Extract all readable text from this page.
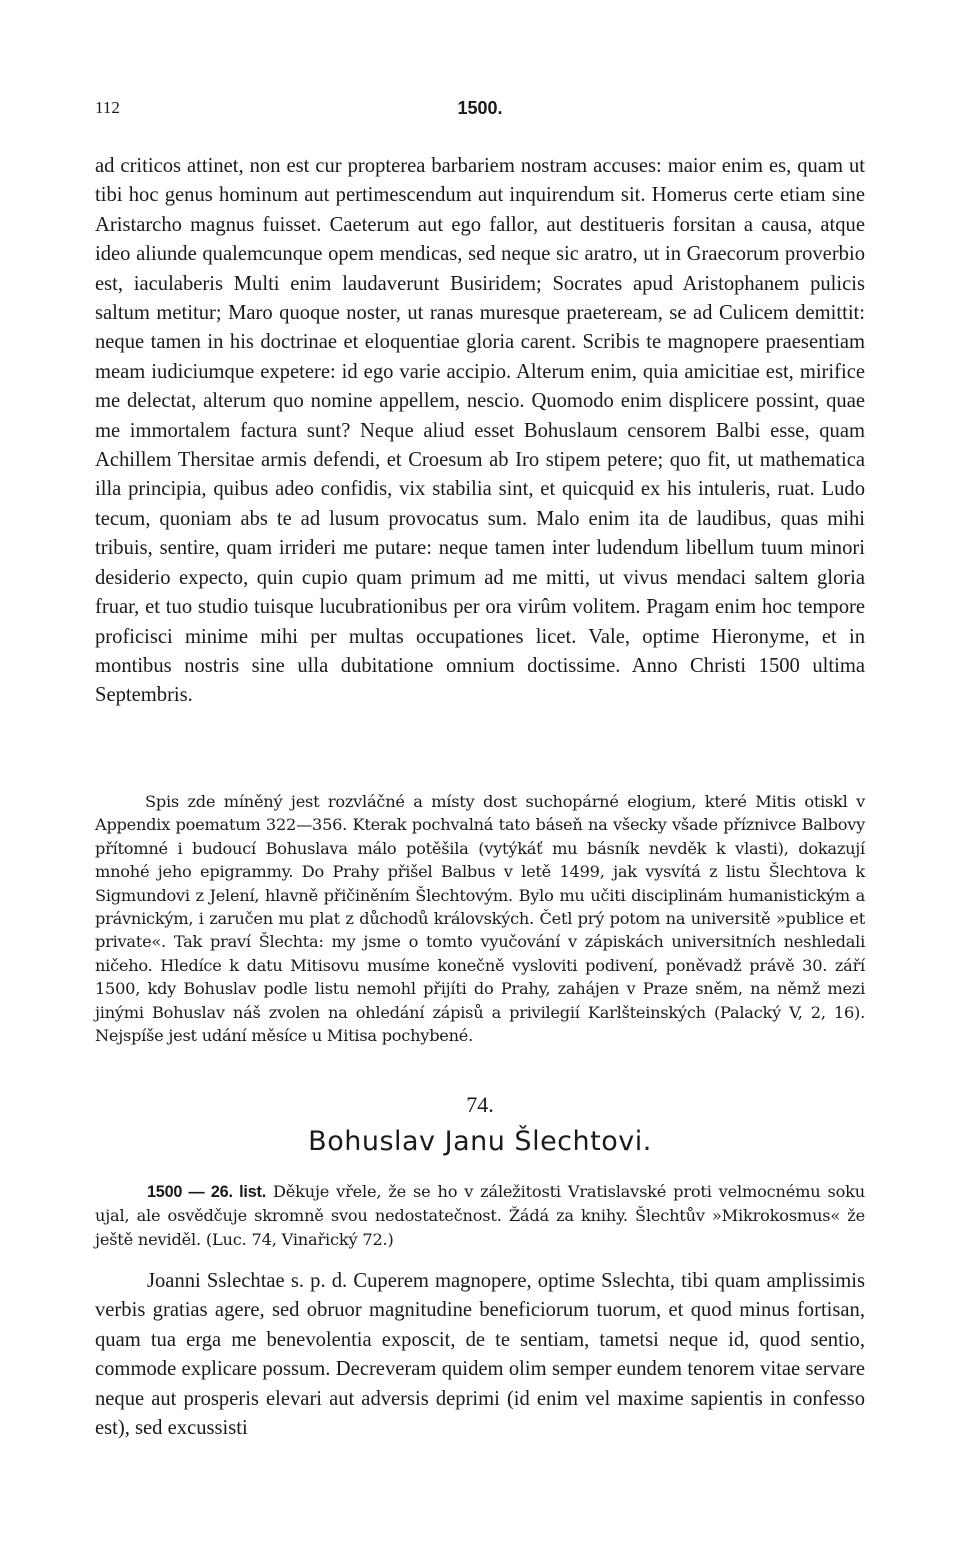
112	1500.

ad criticos attinet, non est cur propterea barbariem nostram accuses: maior enim es, quam ut tibi hoc genus hominum aut pertimescendum aut inquirendum sit. Homerus certe etiam sine Aristarcho magnus fuisset. Caeterum aut ego fallor, aut destitueris forsitan a causa, atque ideo aliunde qualemcunque opem mendicas, sed neque sic aratro, ut in Graecorum proverbio est, iaculaberis Multi enim laudaverunt Busiridem; Socrates apud Aristophanem pulicis saltum metitur; Maro quoque noster, ut ranas muresque praeteream, se ad Culicem demittit: neque tamen in his doctrinae et eloquentiae gloria carent. Scribis te magnopere praesentiam meam iudiciumque expetere: id ego varie accipio. Alterum enim, quia amicitiae est, mirifice me delectat, alterum quo nomine appellem, nescio. Quomodo enim displicere possint, quae me immortalem factura sunt? Neque aliud esset Bohuslaum censorem Balbi esse, quam Achillem Thersitae armis defendi, et Croesum ab Iro stipem petere; quo fit, ut mathematica illa principia, quibus adeo confidis, vix stabilia sint, et quicquid ex his intuleris, ruat. Ludo tecum, quoniam abs te ad lusum provocatus sum. Malo enim ita de laudibus, quas mihi tribuis, sentire, quam irrideri me putare: neque tamen inter ludendum libellum tuum minori desiderio expecto, quin cupio quam primum ad me mitti, ut vivus mendaci saltem gloria fruar, et tuo studio tuisque lucubrationibus per ora virûm volitem. Pragam enim hoc tempore proficisci minime mihi per multas occupationes licet. Vale, optime Hieronyme, et in montibus nostris sine ulla dubitatione omnium doctissime. Anno Christi 1500 ultima Septembris.

Spis zde míněný jest rozvláčné a místy dost suchopárné elogium, které Mitis otiskl v Appendix poematum 322—356. Kterak pochvalná tato báseň na všecky všade příznivce Balbovy přítomné i budoucí Bohuslava málo potěšila (vytýkáť mu básník nevděk k vlasti), dokazují mnohé jeho epigrammy. Do Prahy přišel Balbus v letě 1499, jak vysvítá z listu Šlechtova k Sigmundovi z Jelení, hlavně přičiněním Šlechtovým. Bylo mu učiti disciplinám humanistickým a právnickým, i zaručen mu plat z důchodů královských. Četl prý potom na universitě »publice et private«. Tak praví Šlechta: my jsme o tomto vyučování v zápiskách universitních neshledali ničeho. Hledíce k datu Mitisovu musíme konečně vysloviti podivení, poněvadž právě 30. září 1500, kdy Bohuslav podle listu nemohl přijíti do Prahy, zahájen v Praze sněm, na němž mezi jinými Bohuslav náš zvolen na ohledání zápisů a privilegií Karlšteinských (Palacký V, 2, 16). Nejspíše jest udání měsíce u Mitisa pochybené.

74.
Bohuslav Janu Šlechtovi.

1500 — 26. list. Děkuje vřele, že se ho v záležitosti Vratislavské proti velmocnému soku ujal, ale osvědčuje skromně svou nedostatečnost. Žádá za knihy. Šlechtův »Mikrokosmus« že ještě neviděl. (Luc. 74, Vinařický 72.)

Joanni Sslechtae s. p. d. Cuperem magnopere, optime Sslechta, tibi quam amplissimis verbis gratias agere, sed obruor magnitudine beneficiorum tuorum, et quod minus fortisan, quam tua erga me benevolentia exposcit, de te sentiam, tametsi neque id, quod sentio, commode explicare possum. Decreveram quidem olim semper eundem tenorem vitae servare neque aut prosperis elevari aut adversis deprimi (id enim vel maxime sapientis in confesso est), sed excussisti
